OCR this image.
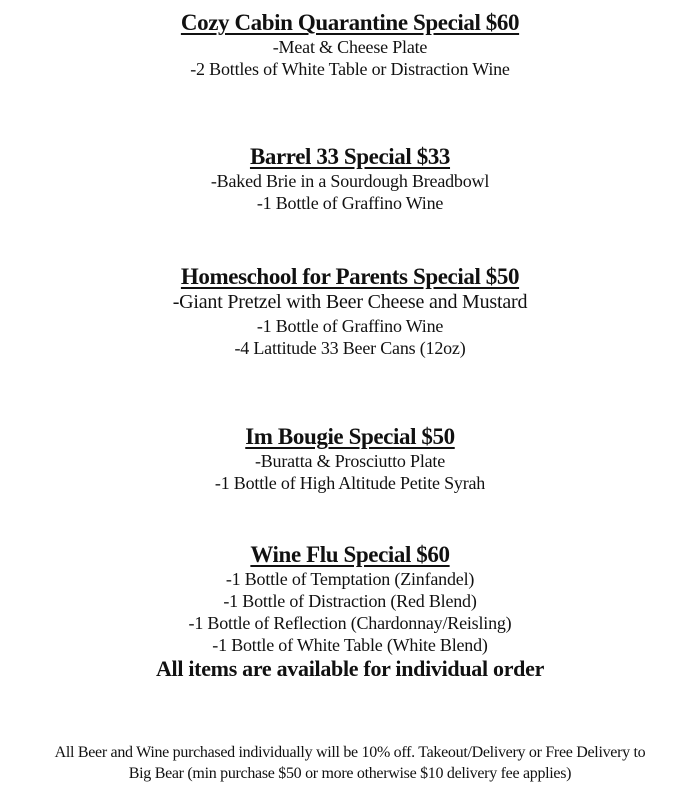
Cozy Cabin Quarantine Special $60
-Meat & Cheese Plate
-2 Bottles of White Table or Distraction Wine
Barrel 33 Special $33
-Baked Brie in a Sourdough Breadbowl
-1 Bottle of Graffino Wine
Homeschool for Parents Special $50
-Giant Pretzel with Beer Cheese and Mustard
-1 Bottle of Graffino Wine
-4 Lattitude 33 Beer Cans (12oz)
Im Bougie Special $50
-Buratta & Prosciutto Plate
-1 Bottle of High Altitude Petite Syrah
Wine Flu Special $60
-1 Bottle of Temptation (Zinfandel)
-1 Bottle of Distraction (Red Blend)
-1 Bottle of Reflection (Chardonnay/Reisling)
-1 Bottle of White Table (White Blend)
All items are available for individual order
All Beer and Wine purchased individually will be 10% off. Takeout/Delivery or Free Delivery to
Big Bear (min purchase $50 or more otherwise $10 delivery fee applies)
